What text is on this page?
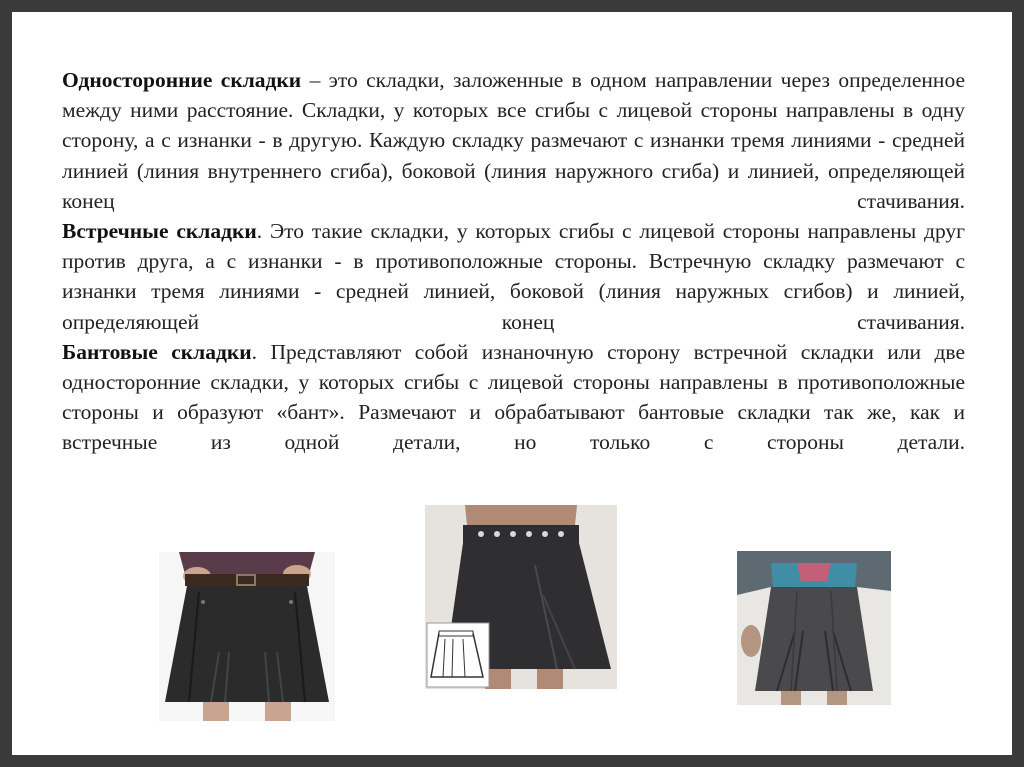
Односторонние складки – это складки, заложенные в одном направлении через определенное между ними расстояние. Складки, у которых все сгибы с лицевой стороны направлены в одну сторону, а с изнанки - в другую. Каждую складку размечают с изнанки тремя линиями - средней линией (линия внутреннего сгиба), боковой (линия наружного сгиба) и линией, определяющей конец стачивания.

Встречные складки. Это такие складки, у которых сгибы с лицевой стороны направлены друг против друга, а с изнанки - в противоположные стороны. Встречную складку размечают с изнанки тремя линиями - средней линией, боковой (линия наружных сгибов) и линией, определяющей конец стачивания.

Бантовые складки. Представляют собой изнаночную сторону встречной складки или две односторонние складки, у которых сгибы с лицевой стороны направлены в противоположные стороны и образуют «бант». Размечают и обрабатывают бантовые складки так же, как и встречные из одной детали, но только с стороны детали.
